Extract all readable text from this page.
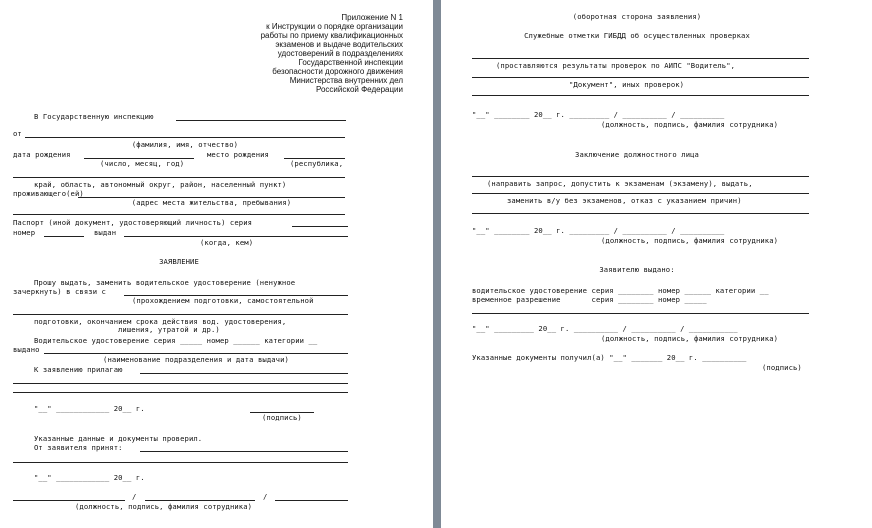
Приложение N 1
к Инструкции о порядке организации
работы по приему квалификационных
экзаменов и выдаче водительских
удостоверений в подразделениях
Государственной инспекции
безопасности дорожного движения
Министерства внутренних дел
Российской Федерации
В Государственную инспекцию
от
(фамилия, имя, отчество)
дата рождения	место рождения
(число, месяц, год)	(республика,
край, область, автономный округ, район, населенный пункт)
проживающего(ей)
(адрес места жительства, пребывания)
Паспорт (иной документ, удостоверяющий личность) серия
номер	выдан
(когда, кем)
ЗАЯВЛЕНИЕ
Прошу выдать, заменить водительское удостоверение (ненужное
зачеркнуть) в связи с
(прохождением подготовки, самостоятельной
подготовки, окончанием срока действия вод. удостоверения,
лишения, утратой и др.)
Водительское удостоверение серия _____ номер ______ категории __
выдано
(наименование подразделения и дата выдачи)
К заявлению прилагаю
"__" ____________ 20__ г.
(подпись)
Указанные данные и документы проверил.
От заявителя принят:
"__" ____________ 20__ г.
/	/
(должность, подпись, фамилия сотрудника)
(оборотная сторона заявления)
Служебные отметки ГИБДД об осуществленных проверках
(проставляются результаты проверок по АИПС "Водитель",
"Документ", иных проверок)
"__" ________ 20__ г. _________ / __________ / __________
(должность, подпись, фамилия сотрудника)
Заключение должностного лица
(направить запрос, допустить к экзаменам (экзамену), выдать,
заменить в/у без экзаменов, отказ с указанием причин)
"__" ________ 20__ г. _________ / __________ / __________
(должность, подпись, фамилия сотрудника)
Заявителю выдано:
водительское удостоверение серия ________ номер ______ категории __
временное разрешение       серия ________ номер _____
"__" _________ 20__ г. __________ / __________ / ___________
(должность, подпись, фамилия сотрудника)
Указанные документы получил(а) "__" _______ 20__ г. __________
(подпись)
